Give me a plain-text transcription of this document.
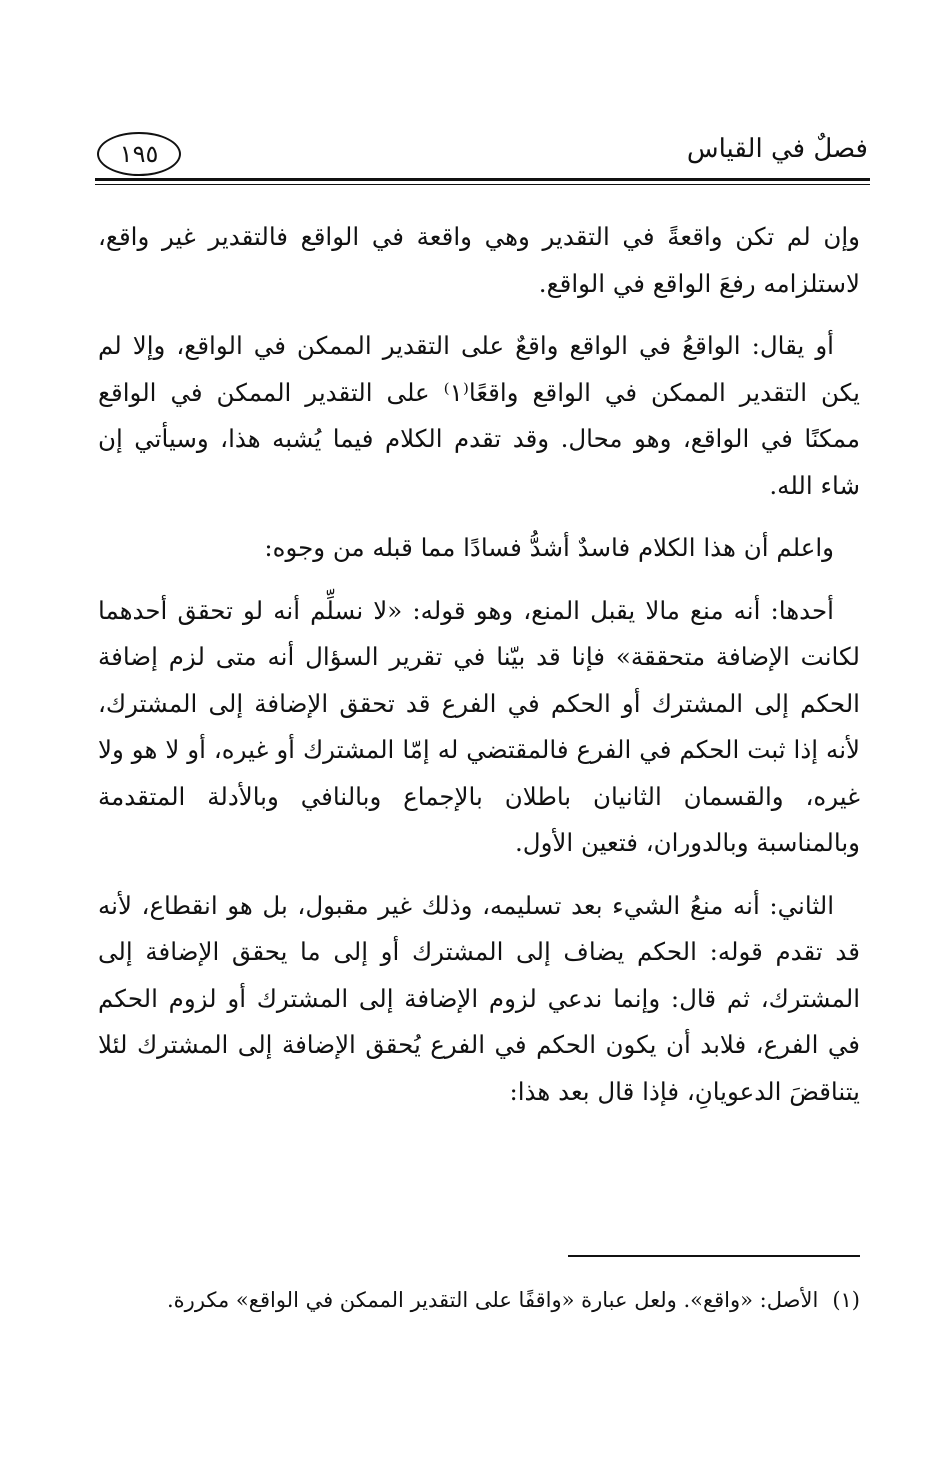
فصلٌ في القياس
١٩٥

وإن لم تكن واقعةً في التقدير وهي واقعة في الواقع فالتقدير غير واقع، لاستلزامه رفعَ الواقع في الواقع.

أو يقال: الواقعُ في الواقع واقعٌ على التقدير الممكن في الواقع، وإلا لم يكن التقدير الممكن في الواقع واقعًا⁽١⁾ على التقدير الممكن في الواقع ممكنًا في الواقع، وهو محال. وقد تقدم الكلام فيما يُشبه هذا، وسيأتي إن شاء الله.

واعلم أن هذا الكلام فاسدٌ أشدُّ فسادًا مما قبله من وجوه:

أحدها: أنه منع مالا يقبل المنع، وهو قوله: «لا نسلِّم أنه لو تحقق أحدهما لكانت الإضافة متحققة» فإنا قد بيّنا في تقرير السؤال أنه متى لزم إضافة الحكم إلى المشترك أو الحكم في الفرع قد تحقق الإضافة إلى المشترك، لأنه إذا ثبت الحكم في الفرع فالمقتضي له إمّا المشترك أو غيره، أو لا هو ولا غيره، والقسمان الثانيان باطلان بالإجماع وبالنافي وبالأدلة المتقدمة وبالمناسبة وبالدوران، فتعين الأول.

الثاني: أنه منعُ الشيء بعد تسليمه، وذلك غير مقبول، بل هو انقطاع، لأنه قد تقدم قوله: الحكم يضاف إلى المشترك أو إلى ما يحقق الإضافة إلى المشترك، ثم قال: وإنما ندعي لزوم الإضافة إلى المشترك أو لزوم الحكم في الفرع، فلابد أن يكون الحكم في الفرع يُحقق الإضافة إلى المشترك لئلا يتناقضَ الدعويانِ، فإذا قال بعد هذا:

(١)الأصل: «واقع». ولعل عبارة «واقفًا على التقدير الممكن في الواقع» مكررة.
